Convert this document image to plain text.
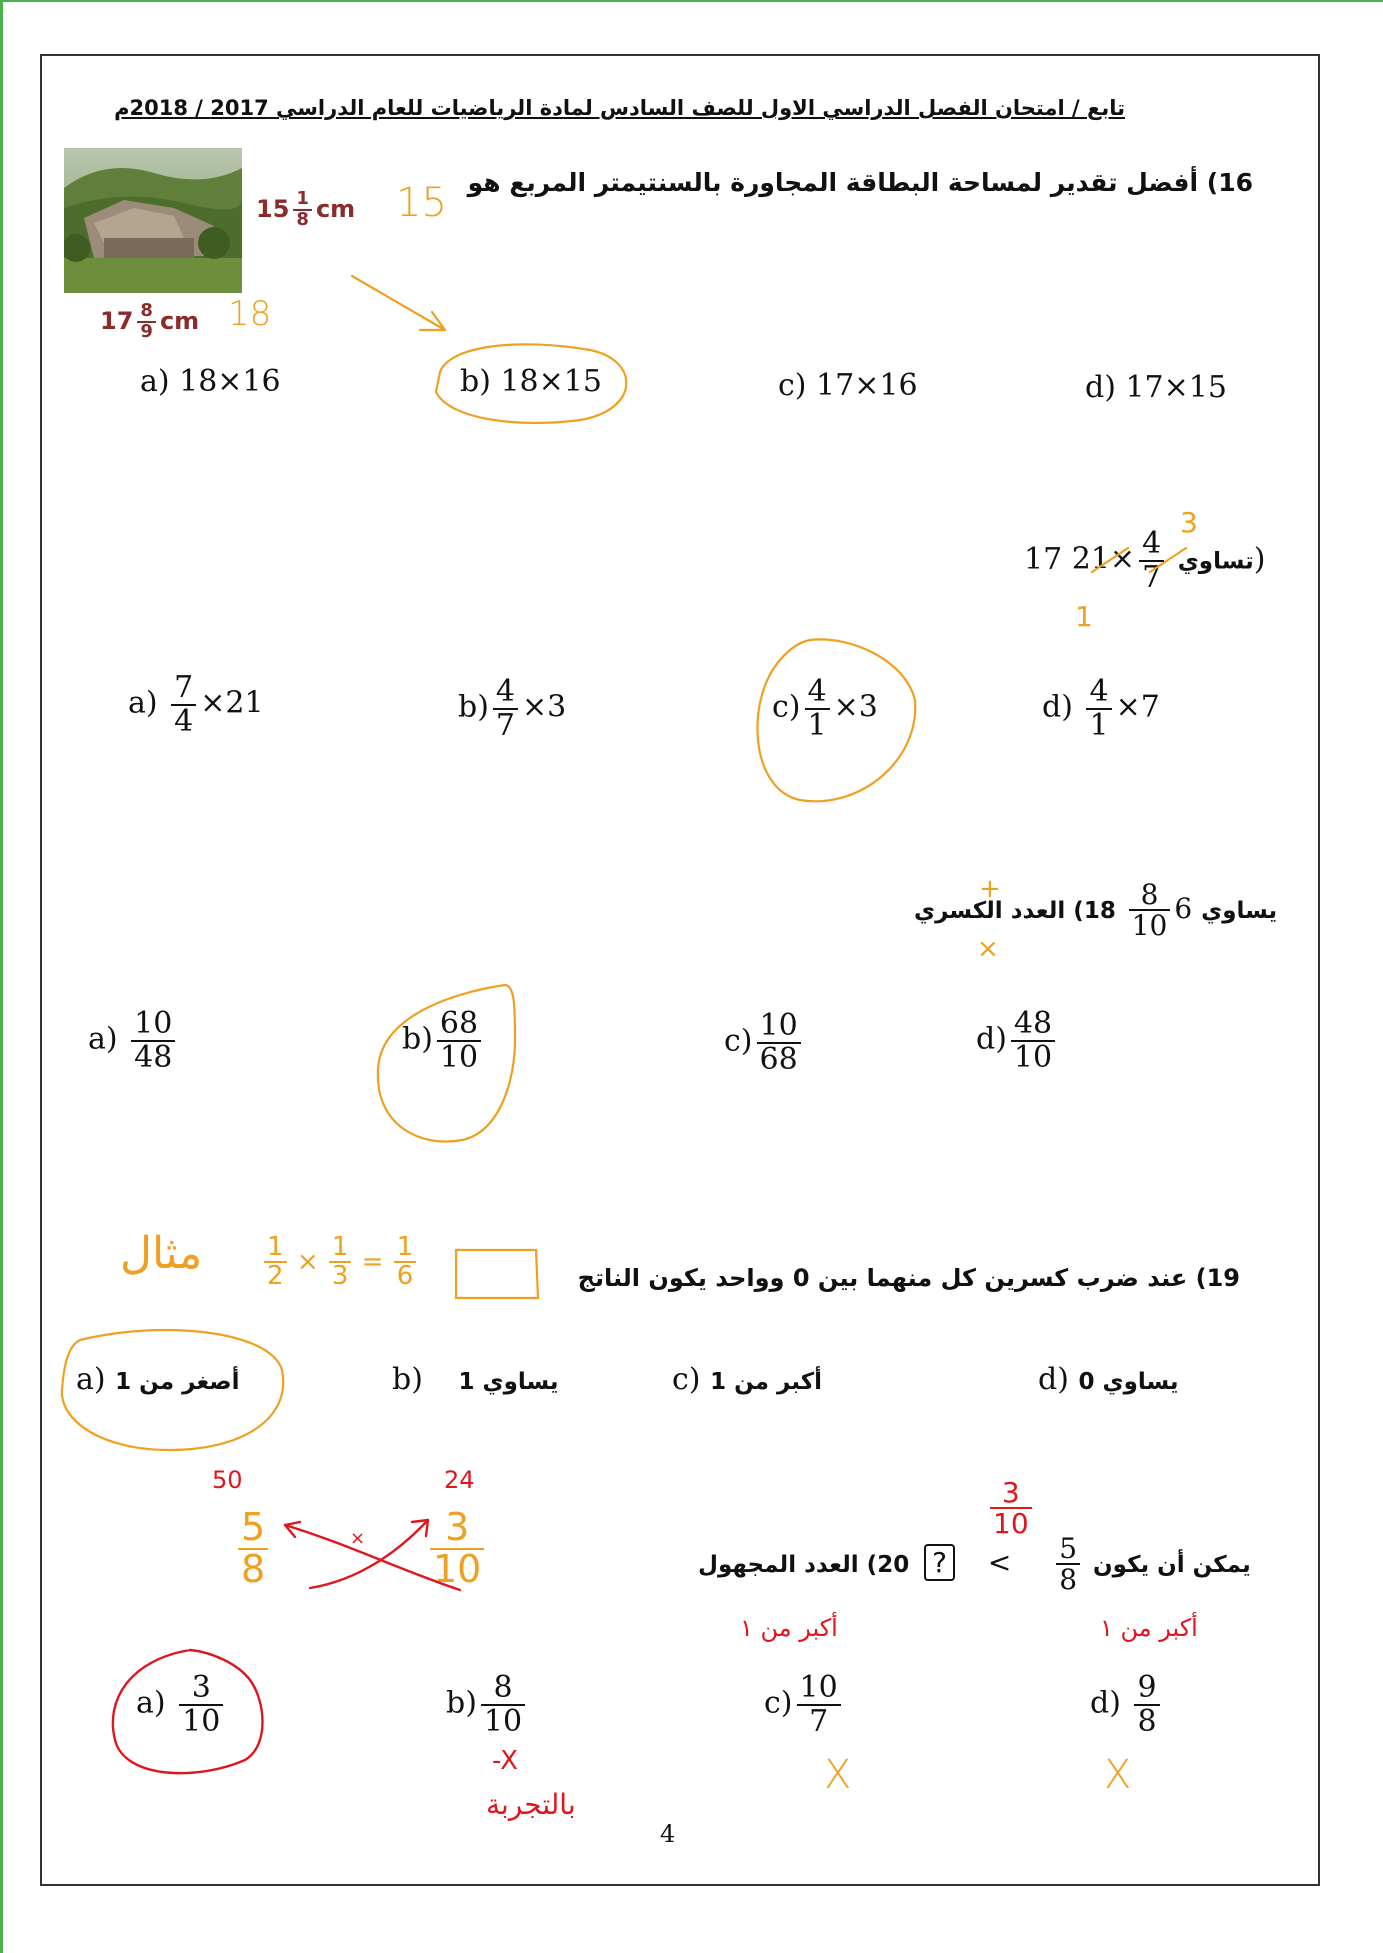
تابع / امتحان الفصل الدراسي الاول للصف السادس لمادة الرياضيات للعام الدراسي 2017 / 2018م
$15 \frac{1}{8}$ cm
$17 \frac{8}{9}$ cm
15
18
16) أفضل تقدير لمساحة البطاقة المجاورة بالسنتيمتر المربع هو
a) 18×16	b) 18×15	c) 17×16	d) 17×15
تساوي
$\frac{4}{7}$
×21 17)
3
1
$a) \frac{7}{4} \times 21$	$b) \frac{4}{7} \times 3$	$c) \frac{4}{1} \times 3$	$d) \frac{4}{1} \times 7$
يساوي 6
$\frac{8}{10}$
18) العدد الكسري
+
×
$a) \frac{10}{48}$	$b) \frac{68}{10}$	$c) \frac{10}{68}$	$d) \frac{48}{10}$
مثال $\frac{1}{2} \times \frac{1}{3} = \frac{1}{6}$	19) عند ضرب كسرين كل منهما بين 0 وواحد يكون الناتج
a) أصغر من 1	b) يساوي 1	c) أكبر من 1	d) يساوي 0
يمكن أن يكون
$\frac{5}{8}$
> ? 20) العدد المجهول
$\frac{3}{10}$
أكبر من ١	أكبر من ١
50	24
$\frac{5}{8}$	$\frac{3}{10}$
×
$a) \frac{3}{10}$	$b) \frac{8}{10}$	$c) \frac{10}{7}$	$d) \frac{9}{8}$
-X
بالتجربة
X	X
4
